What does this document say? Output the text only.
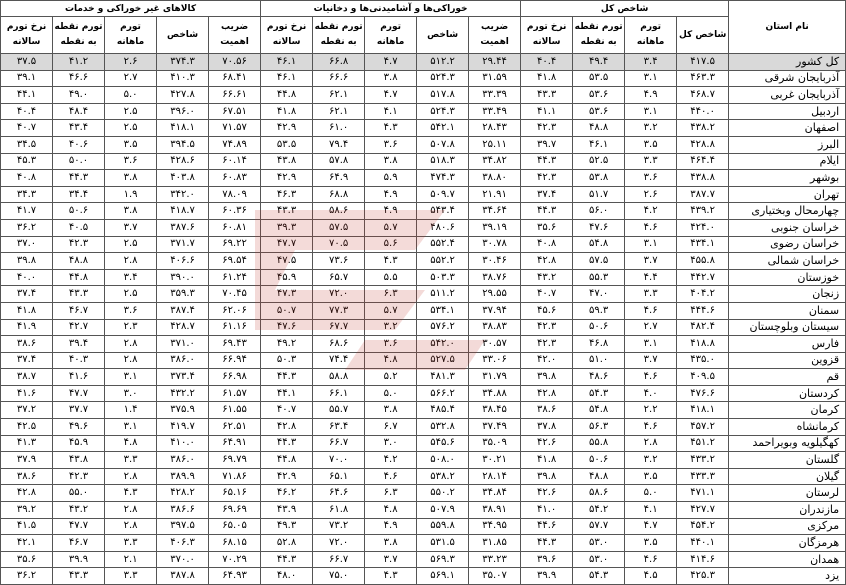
نام استان	شاخص کل				خوراکی‌ها و آشامیدنی‌ها و دخانیات					کالاهای غیر خوراکی و خدمات				
	شاخص کل	تورم ماهانه	تورم نقطه به نقطه	نرخ تورم سالانه	ضریب اهمیت	شاخص	تورم ماهانه	تورم نقطه به نقطه	نرخ تورم سالانه	ضریب اهمیت	شاخص	تورم ماهانه	تورم نقطه به نقطه	نرخ تورم سالانه
کل کشور	۴۱۷.۵	۳.۴	۴۹.۴	۴۰.۴	۲۹.۴۴	۵۱۲.۲	۴.۷	۶۶.۸	۴۶.۱	۷۰.۵۶	۳۷۴.۳	۲.۶	۴۱.۲	۳۷.۵
آذربایجان شرقی	۴۶۳.۳	۳.۱	۵۳.۵	۴۱.۸	۳۱.۵۹	۵۲۴.۳	۳.۸	۶۶.۶	۴۶.۱	۶۸.۴۱	۴۱۰.۳	۲.۷	۴۶.۶	۳۹.۱
آذربایجان غربی	۴۶۸.۷	۴.۹	۵۳.۶	۴۳.۳	۳۳.۳۹	۵۱۷.۸	۴.۷	۶۲.۱	۴۴.۸	۶۶.۶۱	۴۲۷.۸	۵.۰	۴۹.۰	۴۴.۱
اردبیل	۴۴۰.۰	۳.۱	۵۳.۶	۴۱.۱	۳۳.۴۹	۵۲۴.۳	۴.۱	۶۲.۱	۴۱.۸	۶۷.۵۱	۳۹۶.۰	۲.۵	۴۸.۴	۴۰.۴
اصفهان	۴۳۸.۲	۳.۲	۴۸.۸	۴۲.۳	۲۸.۴۳	۵۴۲.۱	۴.۳	۶۱.۰	۴۲.۹	۷۱.۵۷	۴۱۸.۱	۲.۵	۴۳.۴	۴۰.۷
البرز	۴۲۸.۸	۳.۵	۴۶.۱	۳۹.۷	۲۵.۱۱	۵۰۷.۸	۳.۶	۷۹.۴	۵۳.۵	۷۴.۸۹	۳۹۴.۵	۳.۵	۴۰.۶	۳۴.۵
ایلام	۴۶۴.۴	۳.۳	۵۲.۵	۴۴.۳	۳۴.۸۲	۵۱۸.۳	۳.۸	۵۷.۸	۴۳.۸	۶۰.۱۴	۴۲۸.۶	۳.۶	۵۰.۰	۴۵.۳
بوشهر	۴۳۸.۸	۳.۶	۵۳.۸	۴۲.۳	۳۸.۸۰	۴۷۴.۳	۵.۹	۶۴.۹	۴۲.۹	۶۰.۸۳	۴۰۳.۸	۳.۸	۴۴.۳	۴۰.۸
تهران	۳۸۷.۷	۲.۶	۵۱.۷	۳۷.۴	۲۱.۹۱	۵۰۹.۷	۴.۹	۶۸.۸	۴۶.۳	۷۸.۰۹	۳۴۲.۰	۱.۹	۳۴.۴	۳۴.۳
چهارمحال وبختیاری	۴۳۹.۲	۴.۲	۵۶.۰	۴۴.۳	۳۴.۶۴	۵۴۳.۴	۴.۹	۵۸.۶	۴۳.۳	۶۰.۳۶	۴۱۸.۷	۳.۸	۵۰.۶	۴۱.۷
خراسان جنوبی	۴۲۴.۰	۴.۶	۴۷.۶	۳۵.۶	۳۹.۱۹	۴۸۰.۶	۵.۷	۵۷.۵	۳۹.۳	۶۰.۸۱	۳۸۷.۶	۳.۷	۴۰.۵	۳۶.۲
خراسان رضوی	۴۳۴.۱	۳.۱	۵۴.۸	۴۰.۸	۳۰.۷۸	۵۵۲.۴	۵.۶	۷۰.۵	۴۷.۷	۶۹.۲۲	۳۷۱.۷	۲.۵	۴۲.۳	۳۷.۰
خراسان شمالی	۴۵۵.۸	۳.۷	۵۷.۵	۴۲.۸	۳۰.۴۶	۵۵۲.۲	۴.۳	۷۳.۶	۴۷.۵	۶۹.۵۴	۴۰۶.۶	۲.۸	۴۸.۸	۳۹.۸
خوزستان	۴۴۲.۷	۴.۴	۵۵.۳	۴۳.۲	۳۸.۷۶	۵۰۳.۳	۵.۵	۶۵.۷	۴۵.۹	۶۱.۲۴	۳۹۰.۰	۳.۴	۴۴.۸	۴۰.۰
زنجان	۴۰۴.۲	۳.۳	۴۷.۰	۴۰.۷	۲۹.۵۵	۵۱۱.۲	۶.۳	۷۲.۰	۴۷.۳	۷۰.۴۵	۳۵۹.۳	۲.۵	۴۳.۳	۳۷.۴
سمنان	۴۴۴.۶	۴.۶	۵۹.۳	۴۵.۶	۳۷.۹۴	۵۳۴.۱	۵.۷	۷۷.۳	۵۰.۷	۶۲.۰۶	۳۸۷.۴	۳.۶	۴۶.۷	۴۱.۸
سیستان وبلوچستان	۴۸۲.۴	۲.۷	۵۰.۶	۴۲.۳	۳۸.۸۳	۵۷۶.۲	۳.۲	۶۷.۷	۴۷.۶	۶۱.۱۶	۴۲۸.۷	۲.۳	۴۲.۷	۴۱.۹
فارس	۴۱۸.۸	۳.۱	۴۶.۸	۴۲.۳	۳۰.۵۷	۵۴۲.۰	۳.۶	۶۸.۶	۴۹.۲	۶۹.۴۳	۳۷۱.۰	۲.۸	۳۹.۴	۳۸.۶
قزوین	۴۳۵.۰	۳.۷	۵۱.۰	۴۲.۰	۳۳.۰۶	۵۲۷.۵	۴.۸	۷۴.۴	۵۰.۳	۶۶.۹۴	۳۸۶.۰	۲.۸	۴۰.۳	۳۷.۴
قم	۴۰۹.۵	۴.۶	۴۸.۶	۳۹.۸	۳۱.۷۹	۴۸۱.۳	۵.۲	۵۸.۸	۴۴.۳	۶۶.۹۸	۳۷۳.۴	۳.۱	۴۱.۶	۳۸.۷
کردستان	۴۷۶.۶	۴.۰	۵۴.۳	۴۲.۸	۳۴.۸۸	۵۶۶.۲	۵.۰	۶۶.۱	۴۴.۱	۶۱.۵۷	۴۳۲.۲	۳.۰	۴۷.۷	۴۱.۶
کرمان	۴۱۸.۱	۲.۲	۵۴.۸	۳۸.۶	۳۸.۴۵	۴۸۵.۴	۳.۸	۵۵.۷	۴۰.۷	۶۱.۵۵	۳۷۵.۹	۱.۴	۳۷.۷	۳۷.۲
کرمانشاه	۴۵۷.۲	۴.۶	۵۶.۳	۳۷.۸	۳۷.۴۹	۵۳۲.۸	۶.۷	۶۳.۴	۴۲.۸	۶۲.۵۱	۴۱۹.۷	۳.۱	۴۹.۶	۴۲.۵
کهگیلویه وبویراحمد	۴۵۱.۲	۲.۸	۵۵.۸	۴۲.۶	۳۵.۰۹	۵۴۵.۶	۳.۰	۶۶.۷	۴۴.۳	۶۴.۹۱	۴۱۰.۰	۴.۸	۴۵.۹	۴۱.۳
گلستان	۴۳۳.۲	۳.۲	۵۰.۶	۴۱.۸	۳۰.۲۱	۵۰۸.۰	۴.۲	۷۰.۰	۴۴.۸	۶۹.۷۹	۳۸۶.۰	۳.۳	۴۳.۸	۳۷.۹
گیلان	۴۳۳.۳	۳.۵	۴۸.۸	۳۹.۸	۲۸.۱۴	۵۳۸.۲	۴.۶	۶۵.۱	۴۲.۹	۷۱.۸۶	۳۸۹.۹	۲.۸	۴۲.۳	۳۸.۶
لرستان	۴۷۱.۱	۵.۰	۵۸.۶	۴۲.۶	۳۴.۸۴	۵۵۰.۲	۶.۳	۶۴.۶	۴۶.۲	۶۵.۱۶	۴۲۸.۲	۴.۳	۵۵.۰	۴۲.۸
مازندران	۴۲۷.۷	۴.۱	۵۴.۲	۴۱.۰	۳۸.۹۱	۵۰۷.۹	۴.۸	۶۱.۸	۴۳.۹	۶۹.۶۹	۳۸۶.۶	۲.۸	۴۳.۲	۳۹.۲
مرکزی	۴۵۴.۲	۴.۷	۵۷.۷	۴۴.۶	۳۴.۹۵	۵۵۹.۸	۴.۹	۷۳.۲	۴۹.۳	۶۵.۰۵	۳۹۷.۵	۲.۸	۴۷.۷	۴۱.۵
هرمزگان	۴۴۰.۱	۳.۵	۵۳.۰	۴۴.۳	۳۱.۸۵	۵۳۱.۵	۳.۸	۷۲.۰	۵۲.۸	۶۸.۱۵	۴۰۶.۳	۳.۳	۴۶.۷	۴۲.۱
همدان	۴۱۴.۶	۴.۶	۵۳.۰	۳۹.۶	۳۳.۲۳	۵۶۹.۳	۳.۷	۶۶.۷	۴۴.۳	۷۰.۲۹	۳۷۰.۰	۲.۱	۳۹.۹	۳۵.۶
یزد	۴۲۵.۳	۴.۵	۵۴.۳	۳۹.۹	۳۵.۰۷	۵۶۹.۱	۴.۳	۷۵.۰	۴۸.۰	۶۴.۹۳	۳۸۷.۸	۳.۳	۴۳.۳	۳۶.۲
